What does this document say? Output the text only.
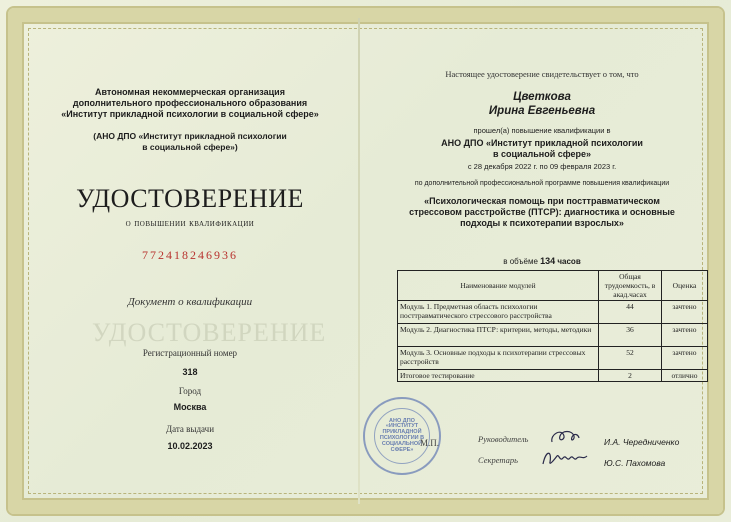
Автономная некоммерческая организация
дополнительного профессионального образования
«Институт прикладной психологии в социальной сфере»
(АНО ДПО «Институт прикладной психологии
в социальной сфере»)
УДОСТОВЕРЕНИЕ
о повышении квалификации
772418246936
Документ о квалификации
УДОСТОВЕРЕНИЕ
Регистрационный номер
318
Город
Москва
Дата выдачи
10.02.2023
Настоящее удостоверение свидетельствует о том, что
Цветкова
Ирина Евгеньевна
прошел(а) повышение квалификации в
АНО ДПО «Институт прикладной психологии
в социальной сфере»
с 28 декабря 2022 г. по 09 февраля 2023 г.
по дополнительной профессиональной программе повышения квалификации
«Психологическая помощь при посттравматическом
стрессовом расстройстве (ПТСР): диагностика и основные
подходы к психотерапии взрослых»
в объёме 134 часов
Наименование модулей	Общая трудоемкость, в акад.часах	Оценка
Модуль 1. Предметная область психологии посттравматического стрессового расстройства	44	зачтено
Модуль 2. Диагностика ПТСР: критерии, методы, методики	36	зачтено
Модуль 3. Основные подходы к психотерапии стрессовых расстройств	52	зачтено
Итоговое тестирование	2	отлично
АНО ДПО
«ИНСТИТУТ
ПРИКЛАДНОЙ
ПСИХОЛОГИИ В
СОЦИАЛЬНОЙ
СФЕРЕ»
М.П.	Руководитель	И.А. Чередниченко
Секретарь	Ю.С. Пахомова
